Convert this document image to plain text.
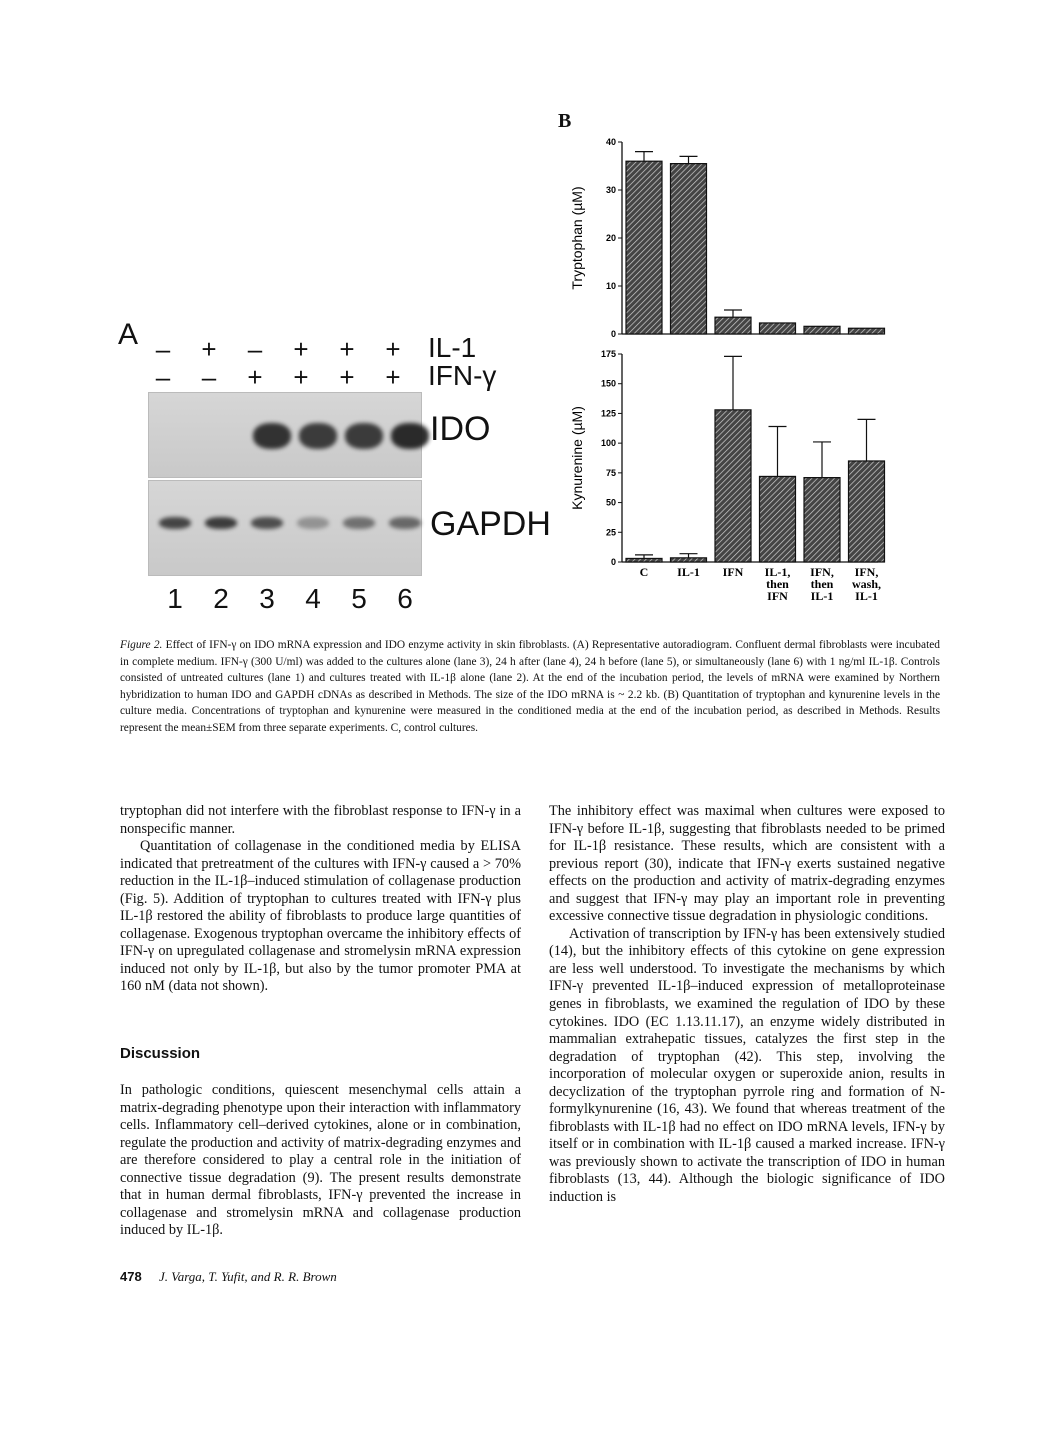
A –	+	–	+	+	+ IL-1
–	–	+	+	+	+ IFN-γ
IDO
GAPDH
1	2	3	4	5	6
B
0
10
20
30
40
Tryptophan (µM)
0
25
50
75
100
125
150
175
Kynurenine (µM)
C IL-1 IFN IL-1,
then
IFN
IFN,
then
IL-1
IFN,
wash,
IL-1
Figure 2. Effect of IFN-γ on IDO mRNA expression and IDO enzyme activity in skin fibroblasts. (A) Representative autoradiogram. Confluent dermal fibroblasts were incubated in complete medium. IFN-γ (300 U/ml) was added to the cultures alone (lane 3), 24 h after (lane 4), 24 h before (lane 5), or simultaneously (lane 6) with 1 ng/ml IL-1β. Controls consisted of untreated cultures (lane 1) and cultures treated with IL-1β alone (lane 2). At the end of the incubation period, the levels of mRNA were examined by Northern hybridization to human IDO and GAPDH cDNAs as described in Methods. The size of the IDO mRNA is ~ 2.2 kb. (B) Quantitation of tryptophan and kynurenine levels in the culture media. Concentrations of tryptophan and kynurenine were measured in the conditioned media at the end of the incubation period, as described in Methods. Results represent the mean±SEM from three separate experiments. C, control cultures.

tryptophan did not interfere with the fibroblast response to IFN-γ in a nonspecific manner.

Quantitation of collagenase in the conditioned media by ELISA indicated that pretreatment of the cultures with IFN-γ caused a > 70% reduction in the IL-1β–induced stimulation of collagenase production (Fig. 5). Addition of tryptophan to cultures treated with IFN-γ plus IL-1β restored the ability of fibroblasts to produce large quantities of collagenase. Exogenous tryptophan overcame the inhibitory effects of IFN-γ on upregulated collagenase and stromelysin mRNA expression induced not only by IL-1β, but also by the tumor promoter PMA at 160 nM (data not shown).

Discussion

In pathologic conditions, quiescent mesenchymal cells attain a matrix-degrading phenotype upon their interaction with inflammatory cells. Inflammatory cell–derived cytokines, alone or in combination, regulate the production and activity of matrix-degrading enzymes and are therefore considered to play a central role in the initiation of connective tissue degradation (9). The present results demonstrate that in human dermal fibroblasts, IFN-γ prevented the increase in collagenase and stromelysin mRNA and collagenase production induced by IL-1β.

The inhibitory effect was maximal when cultures were exposed to IFN-γ before IL-1β, suggesting that fibroblasts needed to be primed for IL-1β resistance. These results, which are consistent with a previous report (30), indicate that IFN-γ exerts sustained negative effects on the production and activity of matrix-degrading enzymes and suggest that IFN-γ may play an important role in preventing excessive connective tissue degradation in physiologic conditions.

Activation of transcription by IFN-γ has been extensively studied (14), but the inhibitory effects of this cytokine on gene expression are less well understood. To investigate the mechanisms by which IFN-γ prevented IL-1β–induced expression of metalloproteinase genes in fibroblasts, we examined the regulation of IDO by these cytokines. IDO (EC 1.13.11.17), an enzyme widely distributed in mammalian extrahepatic tissues, catalyzes the first step in the degradation of tryptophan (42). This step, involving the incorporation of molecular oxygen or superoxide anion, results in decyclization of the tryptophan pyrrole ring and formation of N-formylkynurenine (16, 43). We found that whereas treatment of the fibroblasts with IL-1β had no effect on IDO mRNA levels, IFN-γ by itself or in combination with IL-1β caused a marked increase. IFN-γ was previously shown to activate the transcription of IDO in human fibroblasts (13, 44). Although the biologic significance of IDO induction is

478 J. Varga, T. Yufit, and R. R. Brown
